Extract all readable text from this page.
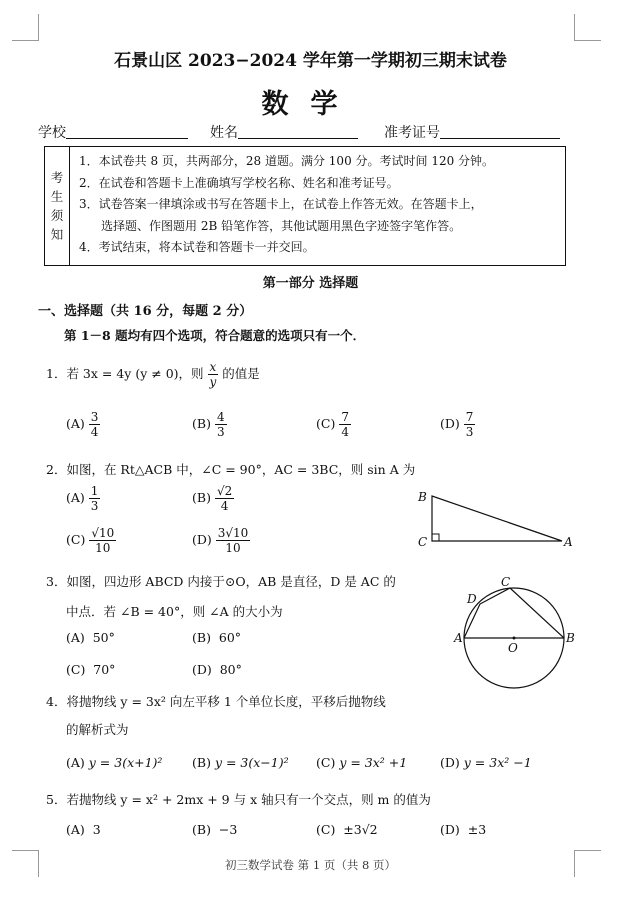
石景山区 2023−2024 学年第一学期初三期末试卷
数学
学校	姓名	准考证号
考
生
须
知
1．本试卷共 8 页，共两部分，28 道题。满分 100 分。考试时间 120 分钟。
2．在试卷和答题卡上准确填写学校名称、姓名和准考证号。
3．试卷答案一律填涂或书写在答题卡上，在试卷上作答无效。在答题卡上，
选择题、作图题用 2B 铅笔作答，其他试题用黑色字迹签字笔作答。
4．考试结束，将本试卷和答题卡一并交回。
第一部分 选择题
一、选择题（共 16 分，每题 2 分）
第 1－8 题均有四个选项，符合题意的选项只有一个．
1．若 3x = 4y (y ≠ 0)，则 $\frac{x}{y}$ 的值是
$(A) \frac{3}{4}$	$(B) \frac{4}{3}$	$(C) \frac{7}{4}$	$(D) \frac{7}{3}$
2．如图，在 Rt△ACB 中，∠C = 90°，AC = 3BC，则 sin A 为
$(A) \frac{1}{3}$	$(B) \frac{√2}{4}$
$(C) \frac{√10}{10}$	$(D) \frac{3√10}{10}$
B
C	A
3．如图，四边形 ABCD 内接于⊙O，AB 是直径，D 是 AC 的
中点．若 ∠B = 40°，则 ∠A 的大小为
(A) 50°	(B) 60°
(C) 70°	(D) 80°
A	B
C
D
O
4．将抛物线 y = 3x² 向左平移 1 个单位长度，平移后抛物线
的解析式为
(A) y = 3(x+1)² (B) y = 3(x−1)² (C) y = 3x² +1	(D) y = 3x² −1
5．若抛物线 y = x² + 2mx + 9 与 x 轴只有一个交点，则 m 的值为
(A) 3	(B) −3	(C) ±3√2	(D) ±3
初三数学试卷 第 1 页（共 8 页）
